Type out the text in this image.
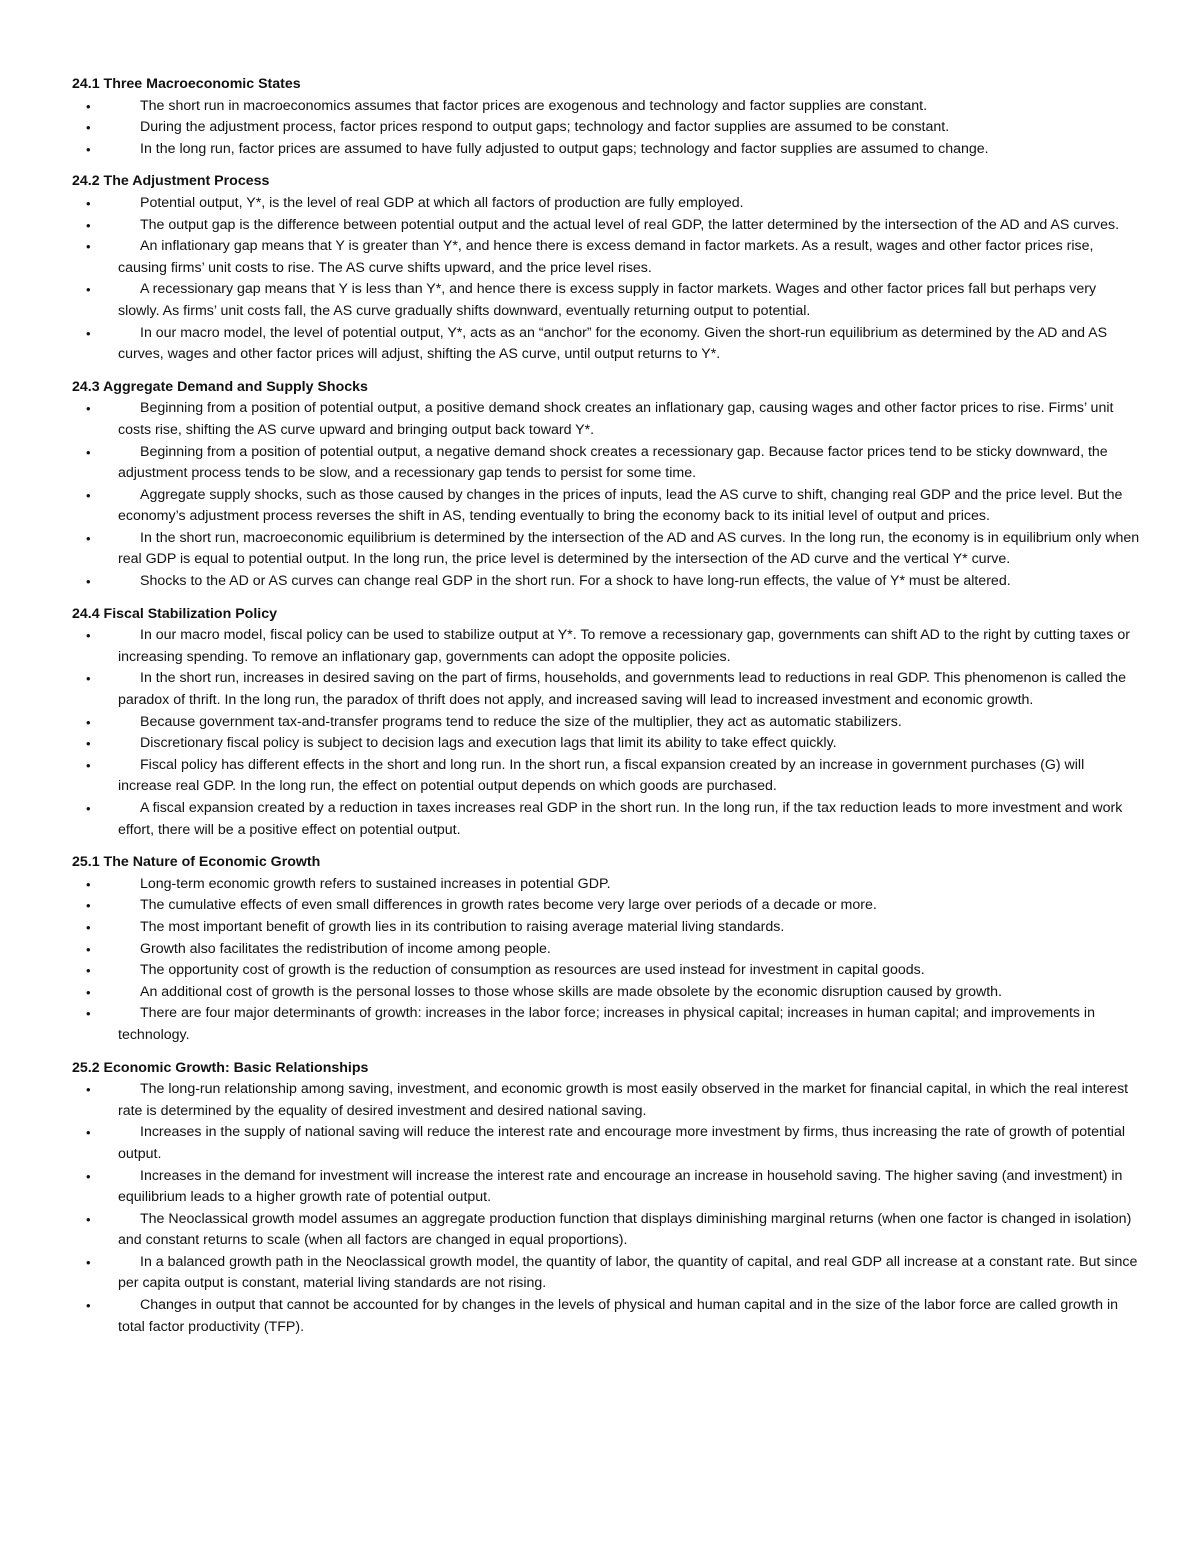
24.1 Three Macroeconomic States
•	The short run in macroeconomics assumes that factor prices are exogenous and technology and factor supplies are constant.
•	During the adjustment process, factor prices respond to output gaps; technology and factor supplies are assumed to be constant.
•	In the long run, factor prices are assumed to have fully adjusted to output gaps; technology and factor supplies are assumed to change.
24.2 The Adjustment Process
•	Potential output, Y*, is the level of real GDP at which all factors of production are fully employed.
•	The output gap is the difference between potential output and the actual level of real GDP, the latter determined by the intersection of the AD and AS curves.
•	An inflationary gap means that Y is greater than Y*, and hence there is excess demand in factor markets. As a result, wages and other factor prices rise, causing firms’ unit costs to rise. The AS curve shifts upward, and the price level rises.
•	A recessionary gap means that Y is less than Y*, and hence there is excess supply in factor markets. Wages and other factor prices fall but perhaps very slowly. As firms’ unit costs fall, the AS curve gradually shifts downward, eventually returning output to potential.
•	In our macro model, the level of potential output, Y*, acts as an “anchor” for the economy. Given the short-run equilibrium as determined by the AD and AS curves, wages and other factor prices will adjust, shifting the AS curve, until output returns to Y*.
24.3 Aggregate Demand and Supply Shocks
•	Beginning from a position of potential output, a positive demand shock creates an inflationary gap, causing wages and other factor prices to rise. Firms’ unit costs rise, shifting the AS curve upward and bringing output back toward Y*.
•	Beginning from a position of potential output, a negative demand shock creates a recessionary gap. Because factor prices tend to be sticky downward, the adjustment process tends to be slow, and a recessionary gap tends to persist for some time.
•	Aggregate supply shocks, such as those caused by changes in the prices of inputs, lead the AS curve to shift, changing real GDP and the price level. But the economy’s adjustment process reverses the shift in AS, tending eventually to bring the economy back to its initial level of output and prices.
•	In the short run, macroeconomic equilibrium is determined by the intersection of the AD and AS curves. In the long run, the economy is in equilibrium only when real GDP is equal to potential output. In the long run, the price level is determined by the intersection of the AD curve and the vertical Y* curve.
•	Shocks to the AD or AS curves can change real GDP in the short run. For a shock to have long-run effects, the value of Y* must be altered.
24.4 Fiscal Stabilization Policy
•	In our macro model, fiscal policy can be used to stabilize output at Y*. To remove a recessionary gap, governments can shift AD to the right by cutting taxes or increasing spending. To remove an inflationary gap, governments can adopt the opposite policies.
•	In the short run, increases in desired saving on the part of firms, households, and governments lead to reductions in real GDP. This phenomenon is called the paradox of thrift. In the long run, the paradox of thrift does not apply, and increased saving will lead to increased investment and economic growth.
•	Because government tax-and-transfer programs tend to reduce the size of the multiplier, they act as automatic stabilizers.
•	Discretionary fiscal policy is subject to decision lags and execution lags that limit its ability to take effect quickly.
•	Fiscal policy has different effects in the short and long run. In the short run, a fiscal expansion created by an increase in government purchases (G) will increase real GDP. In the long run, the effect on potential output depends on which goods are purchased.
•	A fiscal expansion created by a reduction in taxes increases real GDP in the short run. In the long run, if the tax reduction leads to more investment and work effort, there will be a positive effect on potential output.
25.1 The Nature of Economic Growth
•	Long-term economic growth refers to sustained increases in potential GDP.
•	The cumulative effects of even small differences in growth rates become very large over periods of a decade or more.
•	The most important benefit of growth lies in its contribution to raising average material living standards.
•	Growth also facilitates the redistribution of income among people.
•	The opportunity cost of growth is the reduction of consumption as resources are used instead for investment in capital goods.
•	An additional cost of growth is the personal losses to those whose skills are made obsolete by the economic disruption caused by growth.
•	There are four major determinants of growth: increases in the labor force; increases in physical capital; increases in human capital; and improvements in technology.
25.2 Economic Growth: Basic Relationships
•	The long-run relationship among saving, investment, and economic growth is most easily observed in the market for financial capital, in which the real interest rate is determined by the equality of desired investment and desired national saving.
•	Increases in the supply of national saving will reduce the interest rate and encourage more investment by firms, thus increasing the rate of growth of potential output.
•	Increases in the demand for investment will increase the interest rate and encourage an increase in household saving. The higher saving (and investment) in equilibrium leads to a higher growth rate of potential output.
•	The Neoclassical growth model assumes an aggregate production function that displays diminishing marginal returns (when one factor is changed in isolation) and constant returns to scale (when all factors are changed in equal proportions).
•	In a balanced growth path in the Neoclassical growth model, the quantity of labor, the quantity of capital, and real GDP all increase at a constant rate. But since per capita output is constant, material living standards are not rising.
•	Changes in output that cannot be accounted for by changes in the levels of physical and human capital and in the size of the labor force are called growth in total factor productivity (TFP).
